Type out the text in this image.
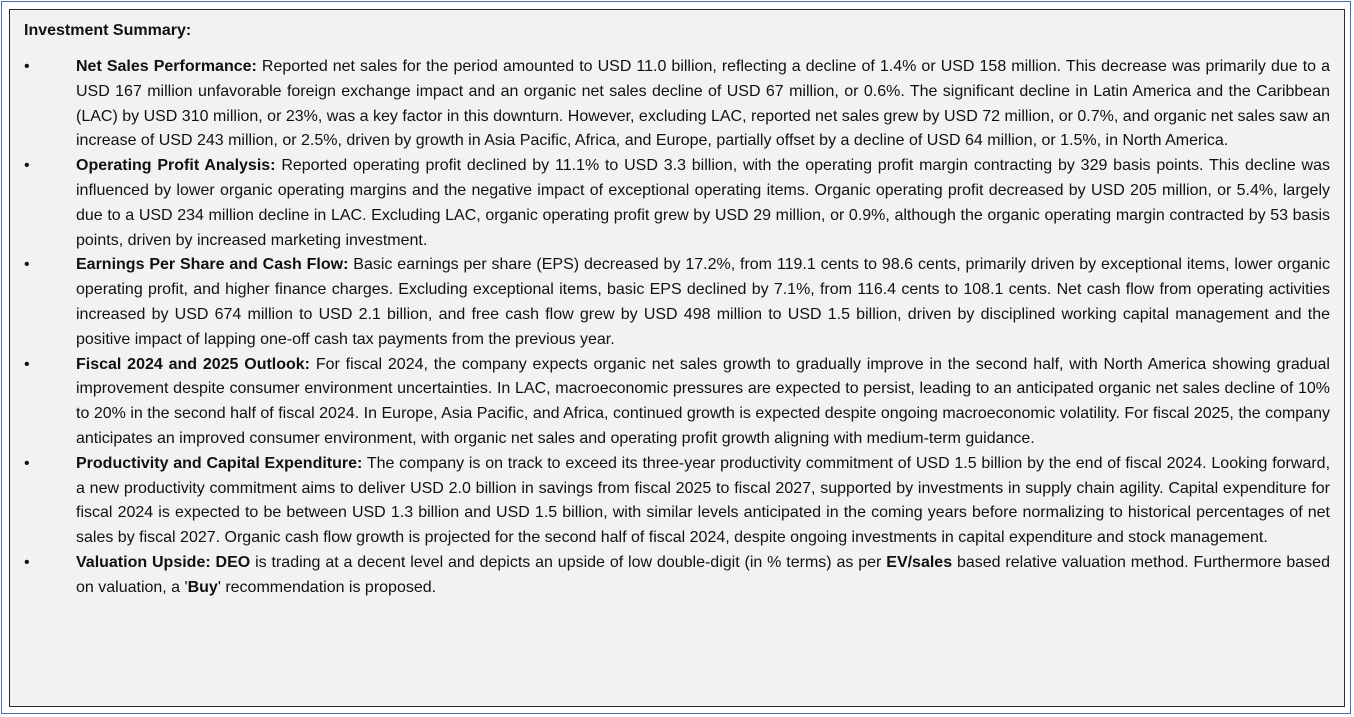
Investment Summary:
•	Net Sales Performance: Reported net sales for the period amounted to USD 11.0 billion, reflecting a decline of 1.4% or USD 158 million. This decrease was primarily due to a USD 167 million unfavorable foreign exchange impact and an organic net sales decline of USD 67 million, or 0.6%. The significant decline in Latin America and the Caribbean (LAC) by USD 310 million, or 23%, was a key factor in this downturn. However, excluding LAC, reported net sales grew by USD 72 million, or 0.7%, and organic net sales saw an increase of USD 243 million, or 2.5%, driven by growth in Asia Pacific, Africa, and Europe, partially offset by a decline of USD 64 million, or 1.5%, in North America.
•	Operating Profit Analysis: Reported operating profit declined by 11.1% to USD 3.3 billion, with the operating profit margin contracting by 329 basis points. This decline was influenced by lower organic operating margins and the negative impact of exceptional operating items. Organic operating profit decreased by USD 205 million, or 5.4%, largely due to a USD 234 million decline in LAC. Excluding LAC, organic operating profit grew by USD 29 million, or 0.9%, although the organic operating margin contracted by 53 basis points, driven by increased marketing investment.
•	Earnings Per Share and Cash Flow: Basic earnings per share (EPS) decreased by 17.2%, from 119.1 cents to 98.6 cents, primarily driven by exceptional items, lower organic operating profit, and higher finance charges. Excluding exceptional items, basic EPS declined by 7.1%, from 116.4 cents to 108.1 cents. Net cash flow from operating activities increased by USD 674 million to USD 2.1 billion, and free cash flow grew by USD 498 million to USD 1.5 billion, driven by disciplined working capital management and the positive impact of lapping one-off cash tax payments from the previous year.
•	Fiscal 2024 and 2025 Outlook: For fiscal 2024, the company expects organic net sales growth to gradually improve in the second half, with North America showing gradual improvement despite consumer environment uncertainties. In LAC, macroeconomic pressures are expected to persist, leading to an anticipated organic net sales decline of 10% to 20% in the second half of fiscal 2024. In Europe, Asia Pacific, and Africa, continued growth is expected despite ongoing macroeconomic volatility. For fiscal 2025, the company anticipates an improved consumer environment, with organic net sales and operating profit growth aligning with medium-term guidance.
•	Productivity and Capital Expenditure: The company is on track to exceed its three-year productivity commitment of USD 1.5 billion by the end of fiscal 2024. Looking forward, a new productivity commitment aims to deliver USD 2.0 billion in savings from fiscal 2025 to fiscal 2027, supported by investments in supply chain agility. Capital expenditure for fiscal 2024 is expected to be between USD 1.3 billion and USD 1.5 billion, with similar levels anticipated in the coming years before normalizing to historical percentages of net sales by fiscal 2027. Organic cash flow growth is projected for the second half of fiscal 2024, despite ongoing investments in capital expenditure and stock management.
•	Valuation Upside: DEO is trading at a decent level and depicts an upside of low double-digit (in % terms) as per EV/sales based relative valuation method. Furthermore based on valuation, a 'Buy' recommendation is proposed.
